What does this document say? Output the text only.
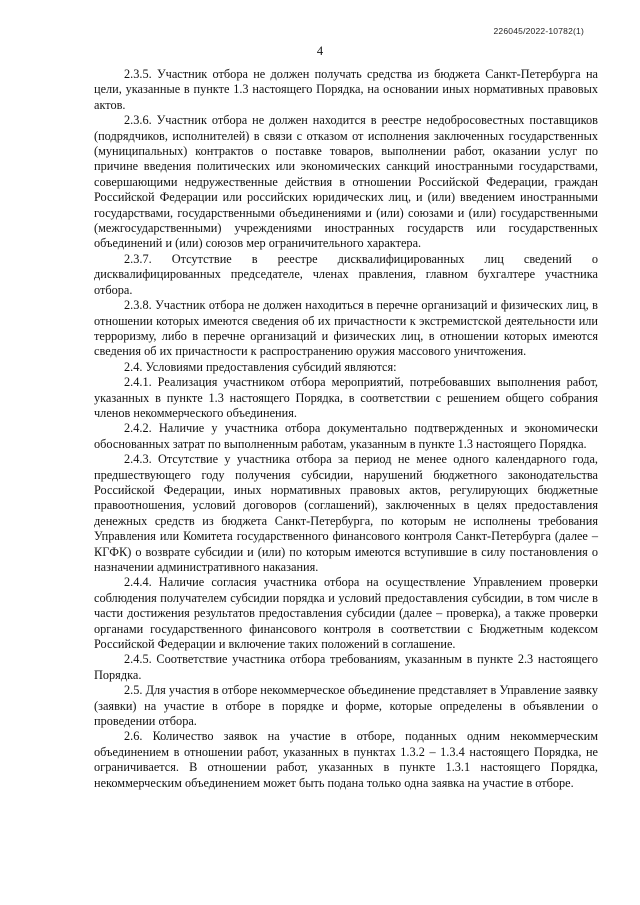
226045/2022-10782(1)
4

2.3.5. Участник отбора не должен получать средства из бюджета Санкт-Петербурга на цели, указанные в пункте 1.3 настоящего Порядка, на основании иных нормативных правовых актов.

2.3.6. Участник отбора не должен находится в реестре недобросовестных поставщиков (подрядчиков, исполнителей) в связи с отказом от исполнения заключенных государственных (муниципальных) контрактов о поставке товаров, выполнении работ, оказании услуг по причине введения политических или экономических санкций иностранными государствами, совершающими недружественные действия в отношении Российской Федерации, граждан Российской Федерации или российских юридических лиц, и (или) введением иностранными государствами, государственными объединениями и (или) союзами и (или) государственными (межгосударственными) учреждениями иностранных государств или государственных объединений и (или) союзов мер ограничительного характера.

2.3.7. Отсутствие в реестре дисквалифицированных лиц сведений о дисквалифицированных председателе, членах правления, главном бухгалтере участника отбора.

2.3.8. Участник отбора не должен находиться в перечне организаций и физических лиц, в отношении которых имеются сведения об их причастности к экстремистской деятельности или терроризму, либо в перечне организаций и физических лиц, в отношении которых имеются сведения об их причастности к распространению оружия массового уничтожения.

2.4. Условиями предоставления субсидий являются:

2.4.1. Реализация участником отбора мероприятий, потребовавших выполнения работ, указанных в пункте 1.3 настоящего Порядка, в соответствии с решением общего собрания членов некоммерческого объединения.

2.4.2. Наличие у участника отбора документально подтвержденных и экономически обоснованных затрат по выполненным работам, указанным в пункте 1.3 настоящего Порядка.

2.4.3. Отсутствие у участника отбора за период не менее одного календарного года, предшествующего году получения субсидии, нарушений бюджетного законодательства Российской Федерации, иных нормативных правовых актов, регулирующих бюджетные правоотношения, условий договоров (соглашений), заключенных в целях предоставления денежных средств из бюджета Санкт-Петербурга, по которым не исполнены требования Управления или Комитета государственного финансового контроля Санкт-Петербурга (далее – КГФК) о возврате субсидии и (или) по которым имеются вступившие в силу постановления о назначении административного наказания.

2.4.4. Наличие согласия участника отбора на осуществление Управлением проверки соблюдения получателем субсидии порядка и условий предоставления субсидии, в том числе в части достижения результатов предоставления субсидии (далее – проверка), а также проверки органами государственного финансового контроля в соответствии с Бюджетным кодексом Российской Федерации и включение таких положений в соглашение.

2.4.5. Соответствие участника отбора требованиям, указанным в пункте 2.3 настоящего Порядка.

2.5. Для участия в отборе некоммерческое объединение представляет в Управление заявку (заявки) на участие в отборе в порядке и форме, которые определены в объявлении о проведении отбора.

2.6. Количество заявок на участие в отборе, поданных одним некоммерческим объединением в отношении работ, указанных в пунктах 1.3.2 – 1.3.4 настоящего Порядка, не ограничивается. В отношении работ, указанных в пункте 1.3.1 настоящего Порядка, некоммерческим объединением может быть подана только одна заявка на участие в отборе.
